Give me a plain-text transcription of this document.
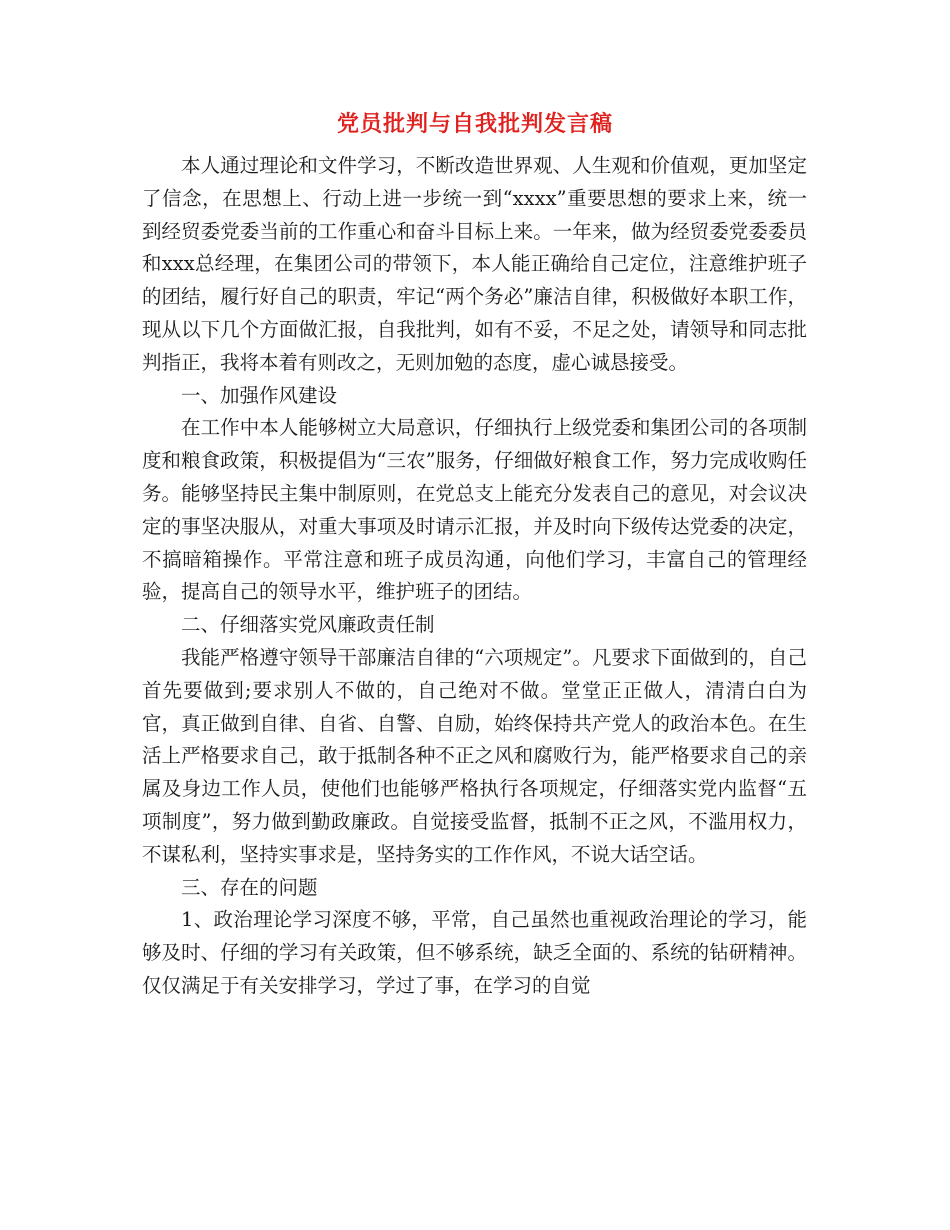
党员批判与自我批判发言稿

本人通过理论和文件学习，不断改造世界观、人生观和价值观，更加坚定了信念，在思想上、行动上进一步统一到“xxxx”重要思想的要求上来，统一到经贸委党委当前的工作重心和奋斗目标上来。一年来，做为经贸委党委委员和xxx总经理，在集团公司的带领下，本人能正确给自己定位，注意维护班子的团结，履行好自己的职责，牢记“两个务必”廉洁自律，积极做好本职工作，现从以下几个方面做汇报，自我批判，如有不妥，不足之处，请领导和同志批判指正，我将本着有则改之，无则加勉的态度，虚心诚恳接受。

一、加强作风建设

在工作中本人能够树立大局意识，仔细执行上级党委和集团公司的各项制度和粮食政策，积极提倡为“三农”服务，仔细做好粮食工作，努力完成收购任务。能够坚持民主集中制原则，在党总支上能充分发表自己的意见，对会议决定的事坚决服从，对重大事项及时请示汇报，并及时向下级传达党委的决定，不搞暗箱操作。平常注意和班子成员沟通，向他们学习，丰富自己的管理经验，提高自己的领导水平，维护班子的团结。

二、仔细落实党风廉政责任制

我能严格遵守领导干部廉洁自律的“六项规定”。凡要求下面做到的，自己首先要做到;要求别人不做的，自己绝对不做。堂堂正正做人，清清白白为官，真正做到自律、自省、自警、自励，始终保持共产党人的政治本色。在生活上严格要求自己，敢于抵制各种不正之风和腐败行为，能严格要求自己的亲属及身边工作人员，使他们也能够严格执行各项规定，仔细落实党内监督“五项制度”，努力做到勤政廉政。自觉接受监督，抵制不正之风，不滥用权力，不谋私利，坚持实事求是，坚持务实的工作作风，不说大话空话。

三、存在的问题

1、政治理论学习深度不够，平常，自己虽然也重视政治理论的学习，能够及时、仔细的学习有关政策，但不够系统，缺乏全面的、系统的钻研精神。仅仅满足于有关安排学习，学过了事，在学习的自觉
